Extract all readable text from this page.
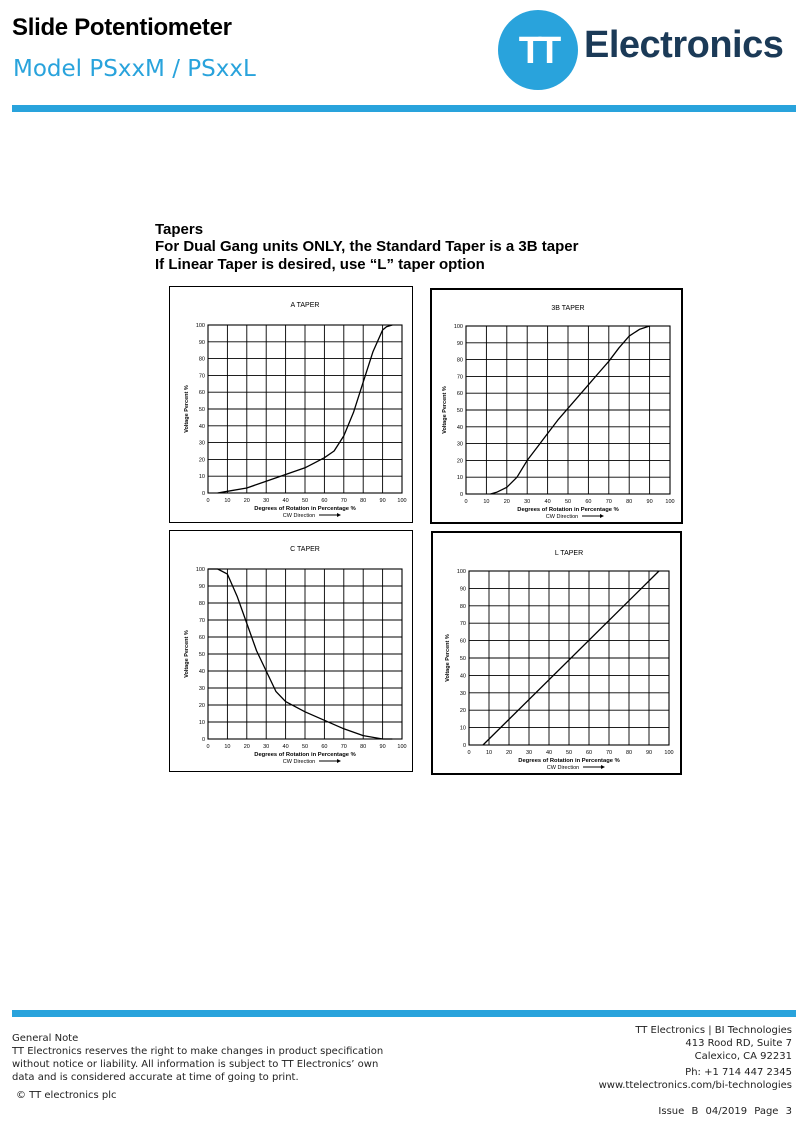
Slide Potentiometer
Model PSxxM / PSxxL	TT Electronics

Tapers

For Dual Gang units ONLY, the Standard Taper is a 3B taper

If Linear Taper is desired, use “L” taper option

A TAPER
0	10 20 30 40 50 60 70 80 90 100
0
10
20
30
40
50
60
70
80
90
100
Degrees of Rotation in Percentage %
CW Direction
Voltage Percent %
3B TAPER
0	10	20	30	40	50	60	70	80	90 100
0
10
20
30
40
50
60
70
80
90
100
Degrees of Rotation in Percentage %
CW Direction
Voltage Percent %
C TAPER
0	10 20 30 40 50 60 70 80 90 100
0
10
20
30
40
50
60
70
80
90
100
Degrees of Rotation in Percentage %
CW Direction
Voltage Percent %
L TAPER
0	10	20	30	40	50	60	70	80	90 100
0
10
20
30
40
50
60
70
80
90
100
Degrees of Rotation in Percentage %
CW Direction
Voltage Percent %

General Note

TT Electronics reserves the right to make changes in product specification without notice or liability. All information is subject to TT Electronics’ own data and is considered accurate at time of going to print.

© TT electronics plc
TT Electronics | BI Technologies
413 Rood RD, Suite 7
Calexico, CA 92231
Ph: +1 714 447 2345
www.ttelectronics.com/bi-technologies
Issue B 04/2019 Page 3
